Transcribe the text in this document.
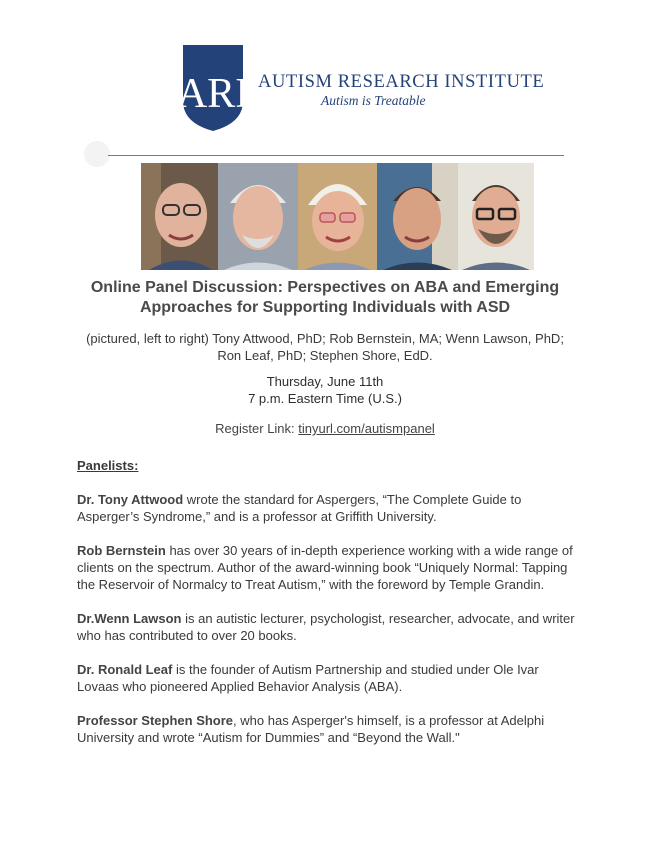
ARI AUTISM RESEARCH INSTITUTE
Autism is Treatable
Online Panel Discussion: Perspectives on ABA and Emerging Approaches for Supporting Individuals with ASD
(pictured, left to right) Tony Attwood, PhD; Rob Bernstein, MA; Wenn Lawson, PhD; Ron Leaf, PhD; Stephen Shore, EdD.
Thursday, June 11th
7 p.m. Eastern Time (U.S.)
Register Link: tinyurl.com/autismpanel

Panelists:

Dr. Tony Attwood wrote the standard for Aspergers, “The Complete Guide to Asperger’s Syndrome,” and is a professor at Griffith University.

Rob Bernstein has over 30 years of in-depth experience working with a wide range of clients on the spectrum. Author of the award-winning book “Uniquely Normal: Tapping the Reservoir of Normalcy to Treat Autism,” with the foreword by Temple Grandin.

Dr.Wenn Lawson is an autistic lecturer, psychologist, researcher, advocate, and writer who has contributed to over 20 books.

Dr. Ronald Leaf is the founder of Autism Partnership and studied under Ole Ivar Lovaas who pioneered Applied Behavior Analysis (ABA).

Professor Stephen Shore, who has Asperger's himself, is a professor at Adelphi University and wrote “Autism for Dummies” and “Beyond the Wall."
